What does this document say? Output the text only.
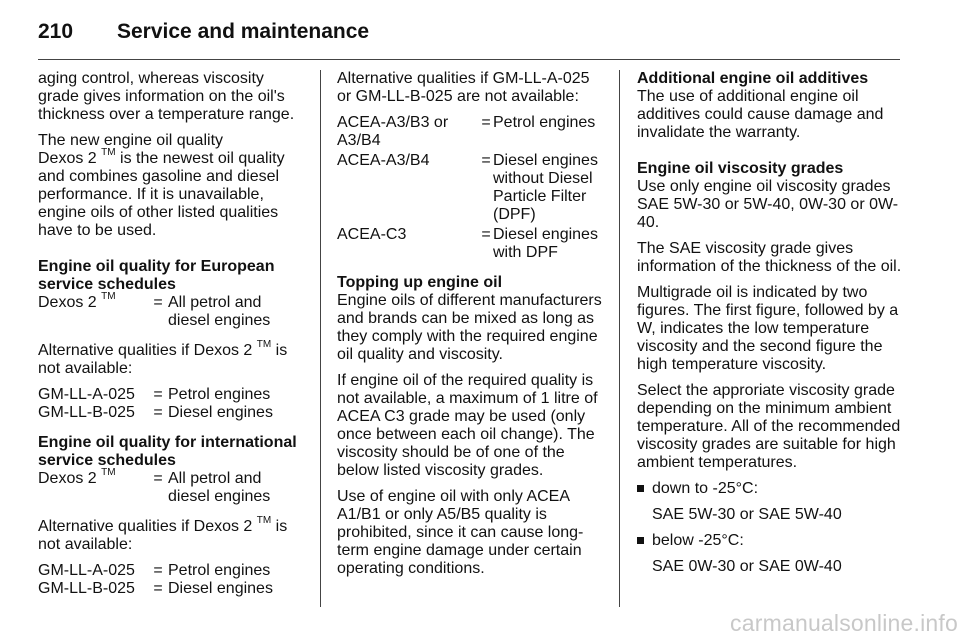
210 Service and maintenance

aging control, whereas viscosity grade gives information on the oil's thickness over a temperature range.

The new engine oil quality

Dexos 2 ™ is the newest oil quality and combines gasoline and diesel performance. If it is unavailable, engine oils of other listed qualities have to be used.

Engine oil quality for European service schedules

Dexos 2 ™	=	All petrol and diesel engines

Alternative qualities if Dexos 2 ™ is not available:

GM-LL-A-025	=	Petrol engines
GM-LL-B-025	=	Diesel engines

Engine oil quality for international service schedules

Dexos 2 ™	=	All petrol and diesel engines

Alternative qualities if Dexos 2 ™ is not available:

GM-LL-A-025	=	Petrol engines
GM-LL-B-025	=	Diesel engines

Alternative qualities if GM-LL-A-025 or GM-LL-B-025 are not available:

ACEA-A3/B3 or A3/B4	=	Petrol engines
ACEA-A3/B4	=	Diesel engines without Diesel Particle Filter (DPF)
ACEA-C3	=	Diesel engines with DPF

Topping up engine oil

Engine oils of different manufacturers and brands can be mixed as long as they comply with the required engine oil quality and viscosity.

If engine oil of the required quality is not available, a maximum of 1 litre of ACEA C3 grade may be used (only once between each oil change). The viscosity should be of one of the below listed viscosity grades.

Use of engine oil with only ACEA A1/B1 or only A5/B5 quality is prohibited, since it can cause long-term engine damage under certain operating conditions.

Additional engine oil additives

The use of additional engine oil additives could cause damage and invalidate the warranty.

Engine oil viscosity grades

Use only engine oil viscosity grades SAE 5W-30 or 5W-40, 0W-30 or 0W-40.

The SAE viscosity grade gives information of the thickness of the oil.

Multigrade oil is indicated by two figures. The first figure, followed by a W, indicates the low temperature viscosity and the second figure the high temperature viscosity.

Select the approriate viscosity grade depending on the minimum ambient temperature. All of the recommended viscosity grades are suitable for high ambient temperatures.

down to -25°C:
SAE 5W-30 or SAE 5W-40
below -25°C:
SAE 0W-30 or SAE 0W-40
carmanualsonline.info
